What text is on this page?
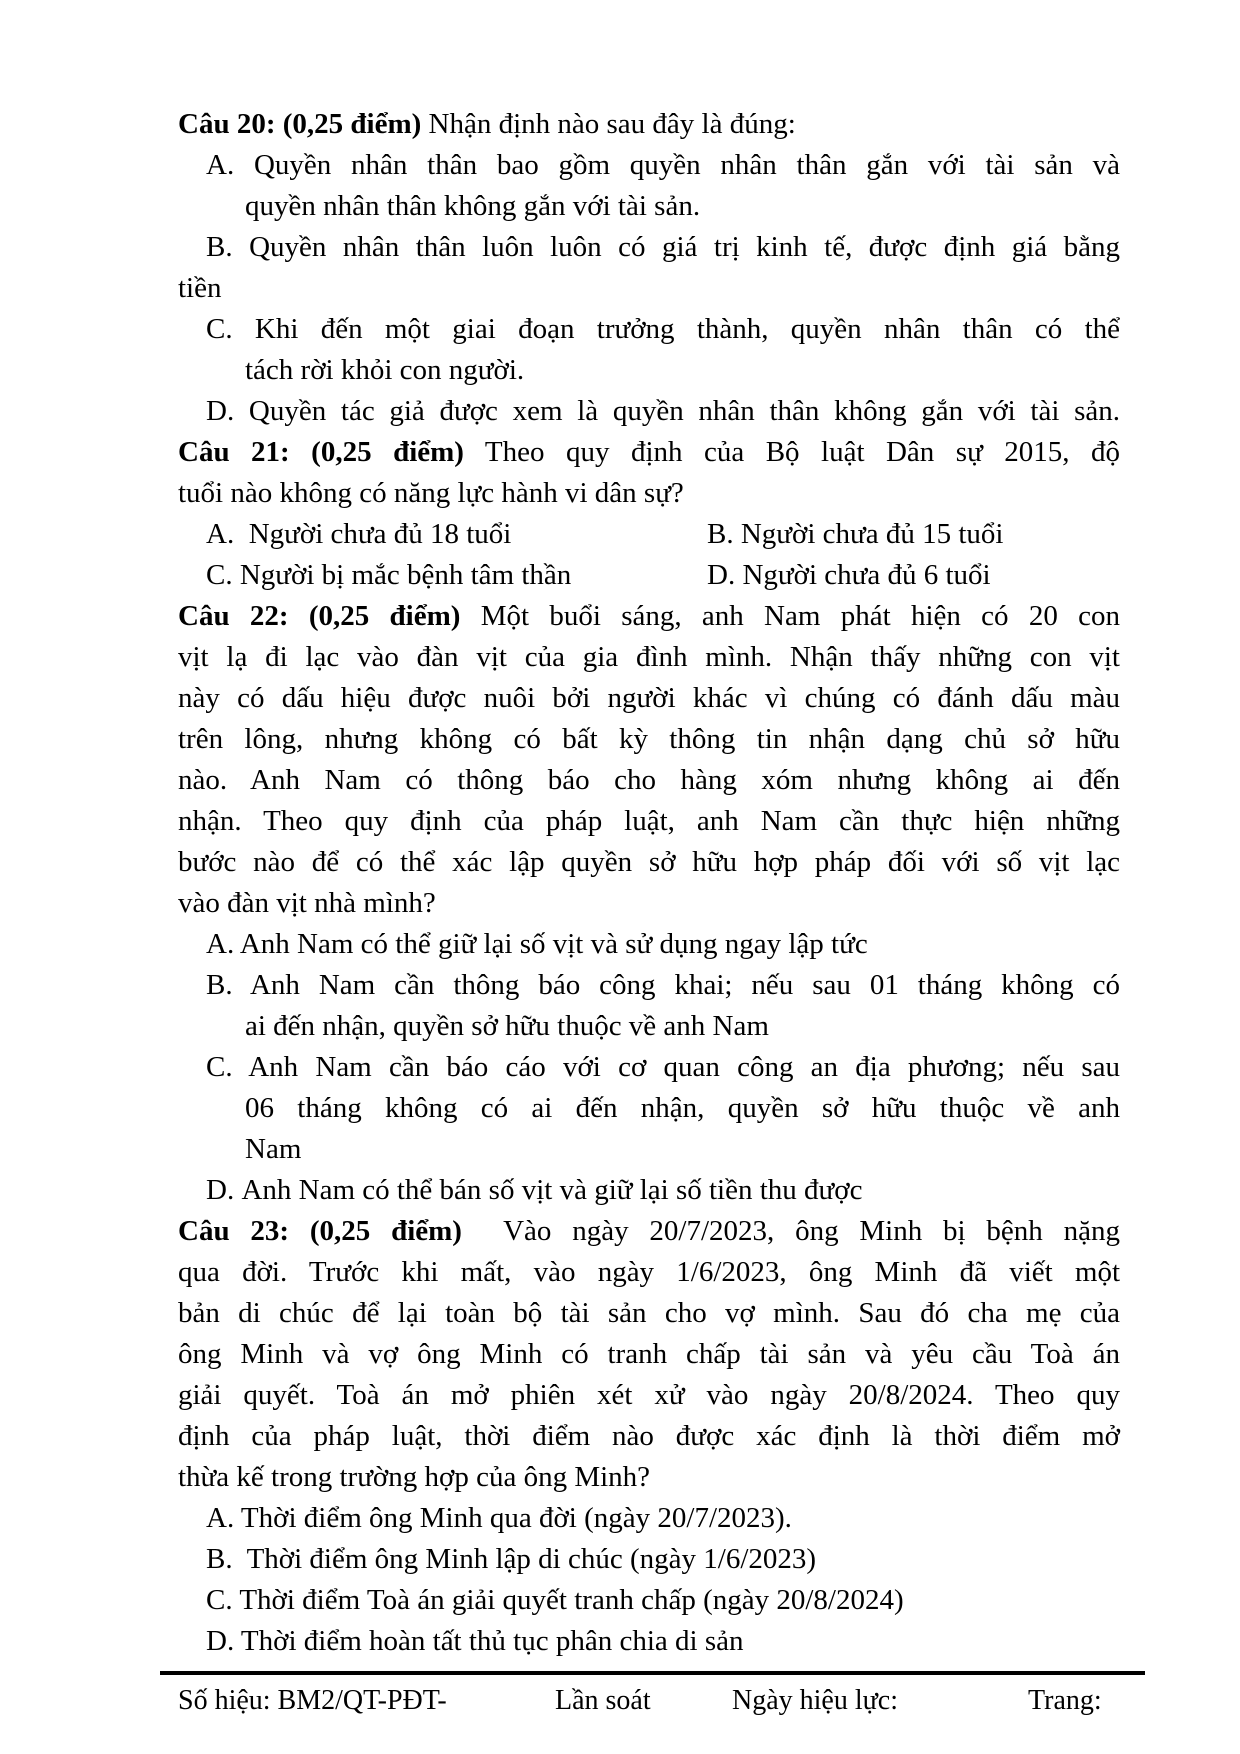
Câu 20: (0,25 điểm) Nhận định nào sau đây là đúng:
A. Quyền nhân thân bao gồm quyền nhân thân gắn với tài sản và
quyền nhân thân không gắn với tài sản.
B. Quyền nhân thân luôn luôn có giá trị kinh tế, được định giá bằng
tiền
C. Khi đến một giai đoạn trưởng thành, quyền nhân thân có thể
tách rời khỏi con người.
D. Quyền tác giả được xem là quyền nhân thân không gắn với tài sản.
Câu 21: (0,25 điểm) Theo quy định của Bộ luật Dân sự 2015, độ
tuổi nào không có năng lực hành vi dân sự?
A.  Người chưa đủ 18 tuổi	B. Người chưa đủ 15 tuổi
C. Người bị mắc bệnh tâm thần	D. Người chưa đủ 6 tuổi
Câu 22: (0,25 điểm) Một buổi sáng, anh Nam phát hiện có 20 con
vịt lạ đi lạc vào đàn vịt của gia đình mình. Nhận thấy những con vịt
này có dấu hiệu được nuôi bởi người khác vì chúng có đánh dấu màu
trên lông, nhưng không có bất kỳ thông tin nhận dạng chủ sở hữu
nào. Anh Nam có thông báo cho hàng xóm nhưng không ai đến
nhận. Theo quy định của pháp luật, anh Nam cần thực hiện những
bước nào để có thể xác lập quyền sở hữu hợp pháp đối với số vịt lạc
vào đàn vịt nhà mình?
A. Anh Nam có thể giữ lại số vịt và sử dụng ngay lập tức
B. Anh Nam cần thông báo công khai; nếu sau 01 tháng không có
ai đến nhận, quyền sở hữu thuộc về anh Nam
C. Anh Nam cần báo cáo với cơ quan công an địa phương; nếu sau
06 tháng không có ai đến nhận, quyền sở hữu thuộc về anh
Nam
D. Anh Nam có thể bán số vịt và giữ lại số tiền thu được
Câu 23: (0,25 điểm)  Vào ngày 20/7/2023, ông Minh bị bệnh nặng
qua đời. Trước khi mất, vào ngày 1/6/2023, ông Minh đã viết một
bản di chúc để lại toàn bộ tài sản cho vợ mình. Sau đó cha mẹ của
ông Minh và vợ ông Minh có tranh chấp tài sản và yêu cầu Toà án
giải quyết. Toà án mở phiên xét xử vào ngày 20/8/2024. Theo quy
định của pháp luật, thời điểm nào được xác định là thời điểm mở
thừa kế trong trường hợp của ông Minh?
A. Thời điểm ông Minh qua đời (ngày 20/7/2023).
B.  Thời điểm ông Minh lập di chúc (ngày 1/6/2023)
C. Thời điểm Toà án giải quyết tranh chấp (ngày 20/8/2024)
D. Thời điểm hoàn tất thủ tục phân chia di sản
Số hiệu: BM2/QT-PĐT-	Lần soát	Ngày hiệu lực:	Trang:
